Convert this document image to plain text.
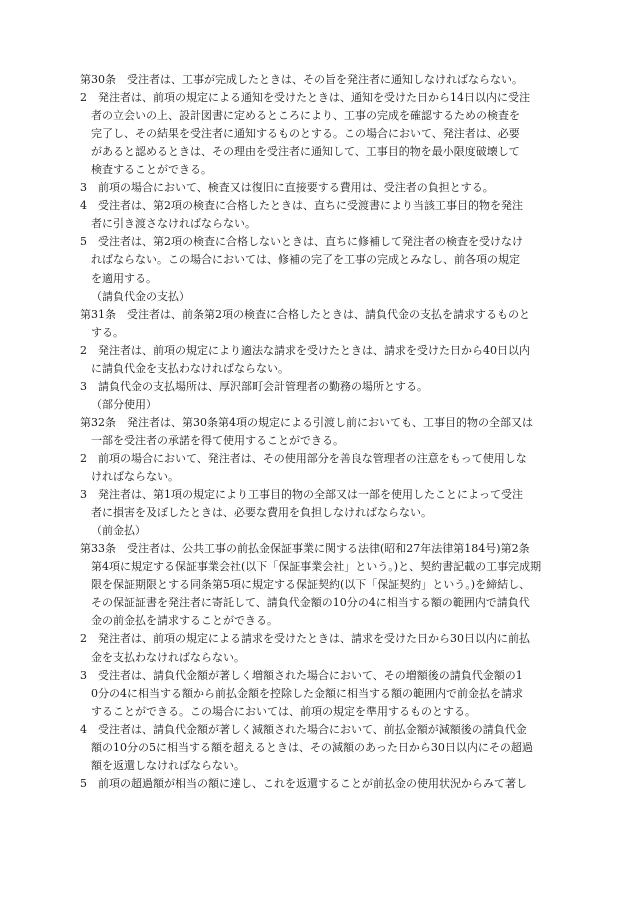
第30条　受注者は、工事が完成したときは、その旨を発注者に通知しなければならない。
2　発注者は、前項の規定による通知を受けたときは、通知を受けた日から14日以内に受注
者の立会いの上、設計図書に定めるところにより、工事の完成を確認するための検査を
完了し、その結果を受注者に通知するものとする。この場合において、発注者は、必要
があると認めるときは、その理由を受注者に通知して、工事目的物を最小限度破壊して
検査することができる。
3　前項の場合において、検査又は復旧に直接要する費用は、受注者の負担とする。
4　受注者は、第2項の検査に合格したときは、直ちに受渡書により当該工事目的物を発注
者に引き渡さなければならない。
5　受注者は、第2項の検査に合格しないときは、直ちに修補して発注者の検査を受けなけ
ればならない。この場合においては、修補の完了を工事の完成とみなし、前各項の規定
を適用する。
（請負代金の支払）
第31条　受注者は、前条第2項の検査に合格したときは、請負代金の支払を請求するものと
する。
2　発注者は、前項の規定により適法な請求を受けたときは、請求を受けた日から40日以内
に請負代金を支払わなければならない。
3　請負代金の支払場所は、厚沢部町会計管理者の勤務の場所とする。
（部分使用）
第32条　発注者は、第30条第4項の規定による引渡し前においても、工事目的物の全部又は
一部を受注者の承諾を得て使用することができる。
2　前項の場合において、発注者は、その使用部分を善良な管理者の注意をもって使用しな
ければならない。
3　発注者は、第1項の規定により工事目的物の全部又は一部を使用したことによって受注
者に損害を及ぼしたときは、必要な費用を負担しなければならない。
（前金払）
第33条　受注者は、公共工事の前払金保証事業に関する法律(昭和27年法律第184号)第2条
第4項に規定する保証事業会社(以下「保証事業会社」という。)と、契約書記載の工事完成期
限を保証期限とする同条第5項に規定する保証契約(以下「保証契約」という。)を締結し、
その保証証書を発注者に寄託して、請負代金額の10分の4に相当する額の範囲内で請負代
金の前金払を請求することができる。
2　発注者は、前項の規定による請求を受けたときは、請求を受けた日から30日以内に前払
金を支払わなければならない。
3　受注者は、請負代金額が著しく増額された場合において、その増額後の請負代金額の1
0分の4に相当する額から前払金額を控除した金額に相当する額の範囲内で前金払を請求
することができる。この場合においては、前項の規定を準用するものとする。
4　受注者は、請負代金額が著しく減額された場合において、前払金額が減額後の請負代金
額の10分の5に相当する額を超えるときは、その減額のあった日から30日以内にその超過
額を返還しなければならない。
5　前項の超過額が相当の額に達し、これを返還することが前払金の使用状況からみて著し
